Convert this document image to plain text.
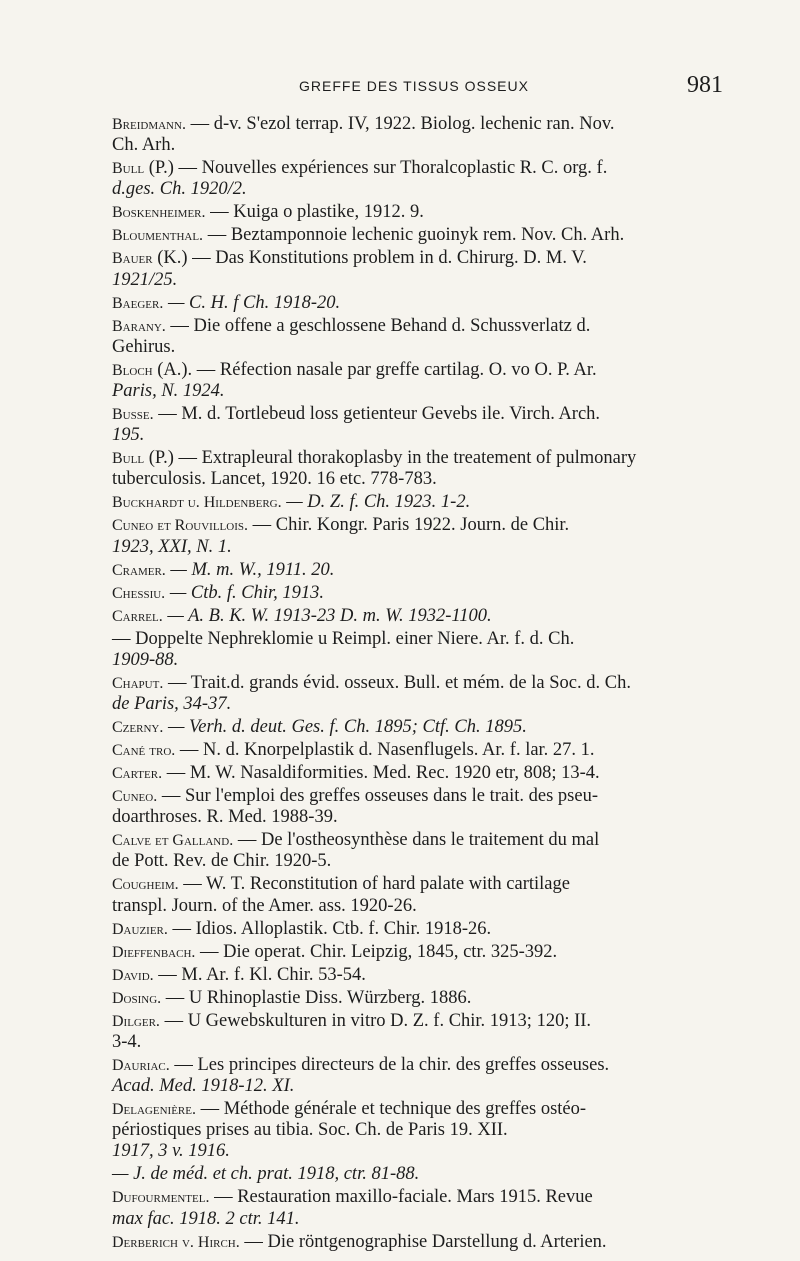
GREFFE DES TISSUS OSSEUX	981
Breidmann. — d-v. S'ezol terrap. IV, 1922. Biolog. lechenic ran. Nov.
Ch. Arh.
Bull (P.) — Nouvelles expériences sur Thoralcoplastic R. C. org. f.
d.ges. Ch. 1920/2.
Boskenheimer. — Kuiga o plastike, 1912. 9.
Bloumenthal. — Beztamponnoie lechenic guoinyk rem. Nov. Ch. Arh.
Bauer (K.) — Das Konstitutions problem in d. Chirurg. D. M. V.
1921/25.
Baeger. — C. H. f Ch. 1918-20.
Barany. — Die offene a geschlossene Behand d. Schussverlatz d.
Gehirus.
Bloch (A.). — Réfection nasale par greffe cartilag. O. vo O. P. Ar.
Paris, N. 1924.
Busse. — M. d. Tortlebeud loss getienteur Gevebs ile. Virch. Arch.
195.
Bull (P.) — Extrapleural thorakoplasby in the treatement of pulmonary
tuberculosis. Lancet, 1920. 16 etc. 778-783.
Buckhardt u. Hildenberg. — D. Z. f. Ch. 1923. 1-2.
Cuneo et Rouvillois. — Chir. Kongr. Paris 1922. Journ. de Chir.
1923, XXI, N. 1.
Cramer. — M. m. W., 1911. 20.
Chessiu. — Ctb. f. Chir, 1913.
Carrel. — A. B. K. W. 1913-23 D. m. W. 1932-1100.
— Doppelte Nephreklomie u Reimpl. einer Niere. Ar. f. d. Ch.
1909-88.
Chaput. — Trait.d. grands évid. osseux. Bull. et mém. de la Soc. d. Ch.
de Paris, 34-37.
Czerny. — Verh. d. deut. Ges. f. Ch. 1895; Ctf. Ch. 1895.
Cané tro. — N. d. Knorpelplastik d. Nasenflugels. Ar. f. lar. 27. 1.
Carter. — M. W. Nasaldiformities. Med. Rec. 1920 etr, 808; 13-4.
Cuneo. — Sur l'emploi des greffes osseuses dans le trait. des pseu-
doarthroses. R. Med. 1988-39.
Calve et Galland. — De l'ostheosynthèse dans le traitement du mal
de Pott. Rev. de Chir. 1920-5.
Cougheim. — W. T. Reconstitution of hard palate with cartilage
transpl. Journ. of the Amer. ass. 1920-26.
Dauzier. — Idios. Alloplastik. Ctb. f. Chir. 1918-26.
Dieffenbach. — Die operat. Chir. Leipzig, 1845, ctr. 325-392.
David. — M. Ar. f. Kl. Chir. 53-54.
Dosing. — U Rhinoplastie Diss. Würzberg. 1886.
Dilger. — U Gewebskulturen in vitro D. Z. f. Chir. 1913; 120; II.
3-4.
Dauriac. — Les principes directeurs de la chir. des greffes osseuses.
Acad. Med. 1918-12. XI.
Delagenière. — Méthode générale et technique des greffes ostéo-
périostiques prises au tibia. Soc. Ch. de Paris 19. XII.
1917, 3 v. 1916.
— J. de méd. et ch. prat. 1918, ctr. 81-88.
Dufourmentel. — Restauration maxillo-faciale. Mars 1915. Revue
max fac. 1918. 2 ctr. 141.
Derberich v. Hirch. — Die röntgenographise Darstellung d. Arterien.
